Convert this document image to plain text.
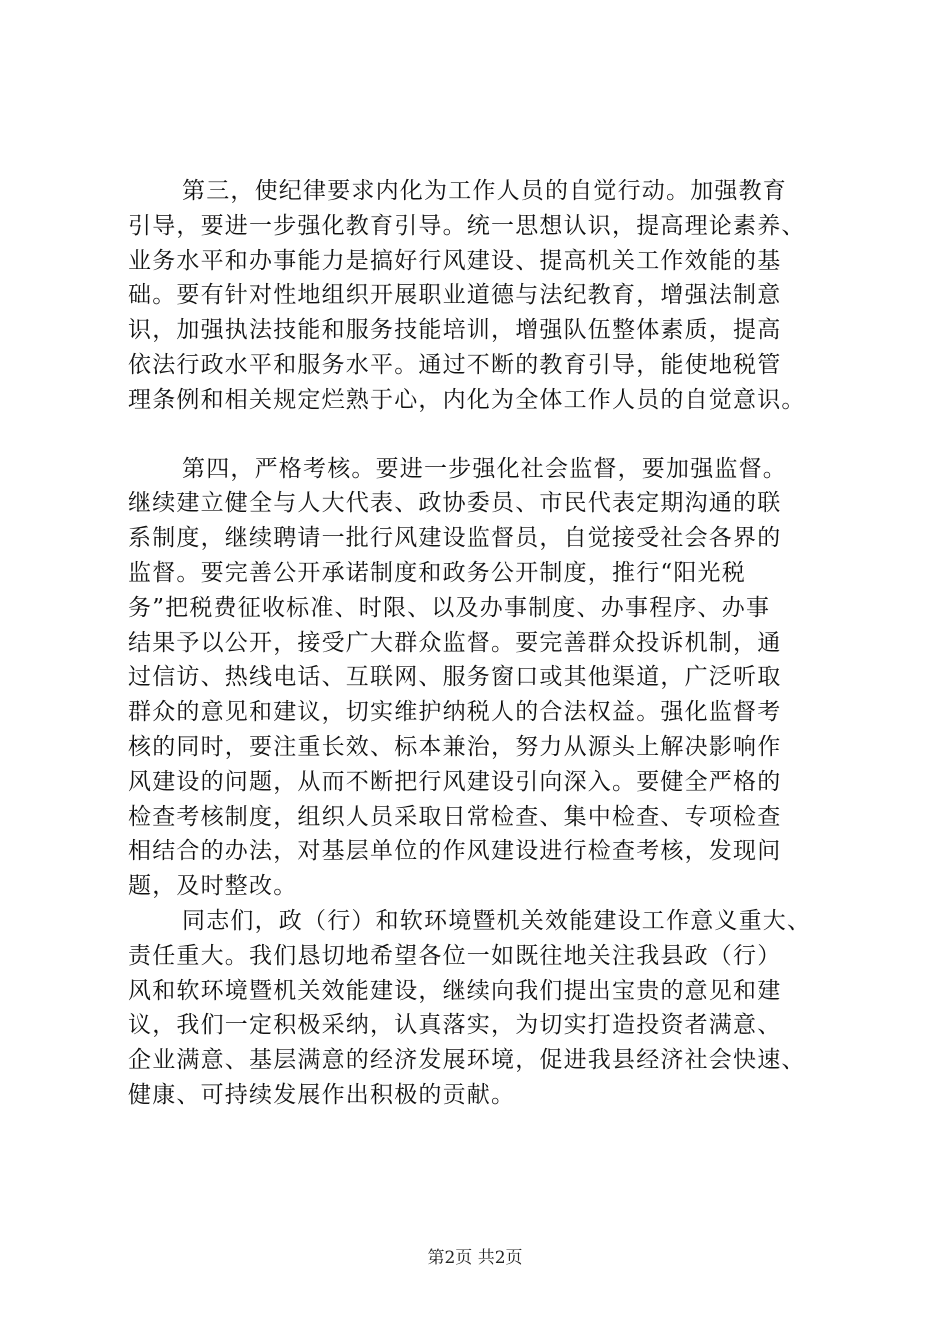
第三，使纪律要求内化为工作人员的自觉行动。加强教育
引导，要进一步强化教育引导。统一思想认识，提高理论素养、
业务水平和办事能力是搞好行风建设、提高机关工作效能的基
础。要有针对性地组织开展职业道德与法纪教育，增强法制意
识，加强执法技能和服务技能培训，增强队伍整体素质，提高
依法行政水平和服务水平。通过不断的教育引导，能使地税管
理条例和相关规定烂熟于心，内化为全体工作人员的自觉意识。
第四，严格考核。要进一步强化社会监督，要加强监督。
继续建立健全与人大代表、政协委员、市民代表定期沟通的联
系制度，继续聘请一批行风建设监督员，自觉接受社会各界的
监督。要完善公开承诺制度和政务公开制度，推行“阳光税
务”把税费征收标准、时限、以及办事制度、办事程序、办事
结果予以公开，接受广大群众监督。要完善群众投诉机制，通
过信访、热线电话、互联网、服务窗口或其他渠道，广泛听取
群众的意见和建议，切实维护纳税人的合法权益。强化监督考
核的同时，要注重长效、标本兼治，努力从源头上解决影响作
风建设的问题，从而不断把行风建设引向深入。要健全严格的
检查考核制度，组织人员采取日常检查、集中检查、专项检查
相结合的办法，对基层单位的作风建设进行检查考核，发现问
题，及时整改。
同志们，政（行）和软环境暨机关效能建设工作意义重大、
责任重大。我们恳切地希望各位一如既往地关注我县政（行）
风和软环境暨机关效能建设，继续向我们提出宝贵的意见和建
议，我们一定积极采纳，认真落实，为切实打造投资者满意、
企业满意、基层满意的经济发展环境，促进我县经济社会快速、
健康、可持续发展作出积极的贡献。
第2页 共2页
